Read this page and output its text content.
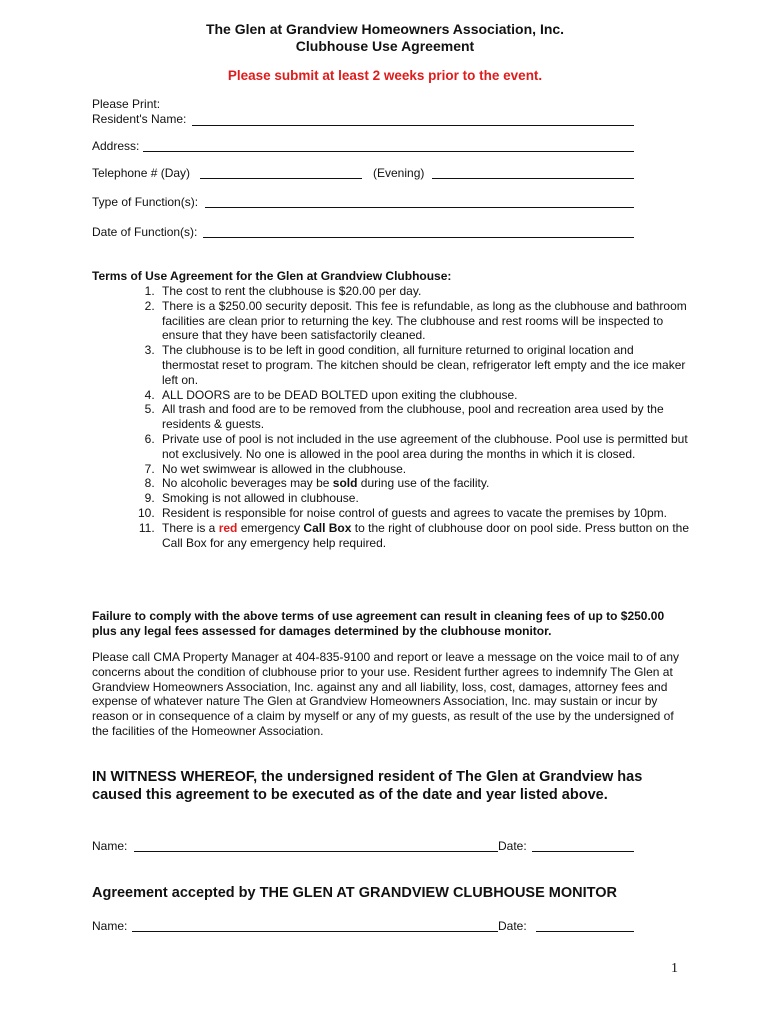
The Glen at Grandview Homeowners Association, Inc.
Clubhouse Use Agreement
Please submit at least 2 weeks prior to the event.
Please Print:
Resident's Name:
Address:
Telephone # (Day)	(Evening)
Type of Function(s):
Date of Function(s):
Terms of Use Agreement for the Glen at Grandview Clubhouse:
1. The cost to rent the clubhouse is $20.00 per day.
2. There is a $250.00 security deposit. This fee is refundable, as long as the clubhouse and bathroom facilities are clean prior to returning the key. The clubhouse and rest rooms will be inspected to ensure that they have been satisfactorily cleaned.
3. The clubhouse is to be left in good condition, all furniture returned to original location and thermostat reset to program. The kitchen should be clean, refrigerator left empty and the ice maker left on.
4. ALL DOORS are to be DEAD BOLTED upon exiting the clubhouse.
5. All trash and food are to be removed from the clubhouse, pool and recreation area used by the residents & guests.
6. Private use of pool is not included in the use agreement of the clubhouse. Pool use is permitted but not exclusively. No one is allowed in the pool area during the months in which it is closed.
7. No wet swimwear is allowed in the clubhouse.
8. No alcoholic beverages may be sold during use of the facility.
9. Smoking is not allowed in clubhouse.
10. Resident is responsible for noise control of guests and agrees to vacate the premises by 10pm.
11. There is a red emergency Call Box to the right of clubhouse door on pool side. Press button on the Call Box for any emergency help required.
Failure to comply with the above terms of use agreement can result in cleaning fees of up to $250.00 plus any legal fees assessed for damages determined by the clubhouse monitor.
Please call CMA Property Manager at 404-835-9100 and report or leave a message on the voice mail to of any concerns about the condition of clubhouse prior to your use. Resident further agrees to indemnify The Glen at Grandview Homeowners Association, Inc. against any and all liability, loss, cost, damages, attorney fees and expense of whatever nature The Glen at Grandview Homeowners Association, Inc. may sustain or incur by reason or in consequence of a claim by myself or any of my guests, as result of the use by the undersigned of the facilities of the Homeowner Association.
IN WITNESS WHEREOF, the undersigned resident of The Glen at Grandview has caused this agreement to be executed as of the date and year listed above.
Name:	Date:
Agreement accepted by THE GLEN AT GRANDVIEW CLUBHOUSE MONITOR
Name:	Date:
1
